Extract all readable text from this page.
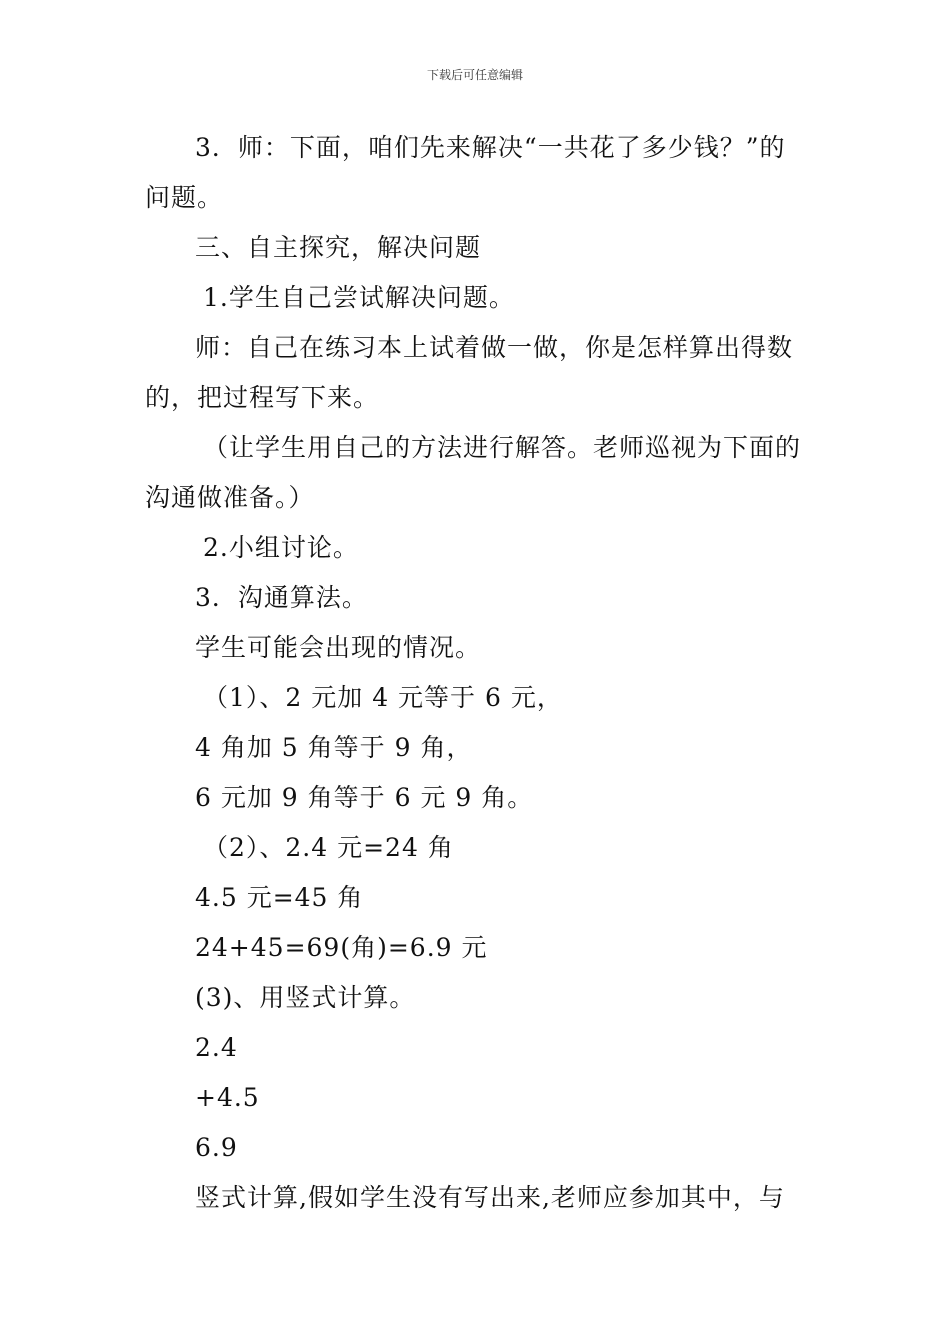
下载后可任意编辑
3．师：下面，咱们先来解决“一共花了多少钱？”的
问题。
三、自主探究，解决问题
1.学生自己尝试解决问题。
师：自己在练习本上试着做一做，你是怎样算出得数
的，把过程写下来。
（让学生用自己的方法进行解答。老师巡视为下面的
沟通做准备。）
2.小组讨论。
3．沟通算法。
学生可能会出现的情况。
（1）、2 元加 4 元等于 6 元，
4 角加 5 角等于 9 角，
6 元加 9 角等于 6 元 9 角。
（2）、2.4 元=24 角
4.5 元=45 角
24+45=69(角)=6.9 元
(3)、用竖式计算。
2.4
+4.5
6.9
竖式计算,假如学生没有写出来,老师应参加其中，与
